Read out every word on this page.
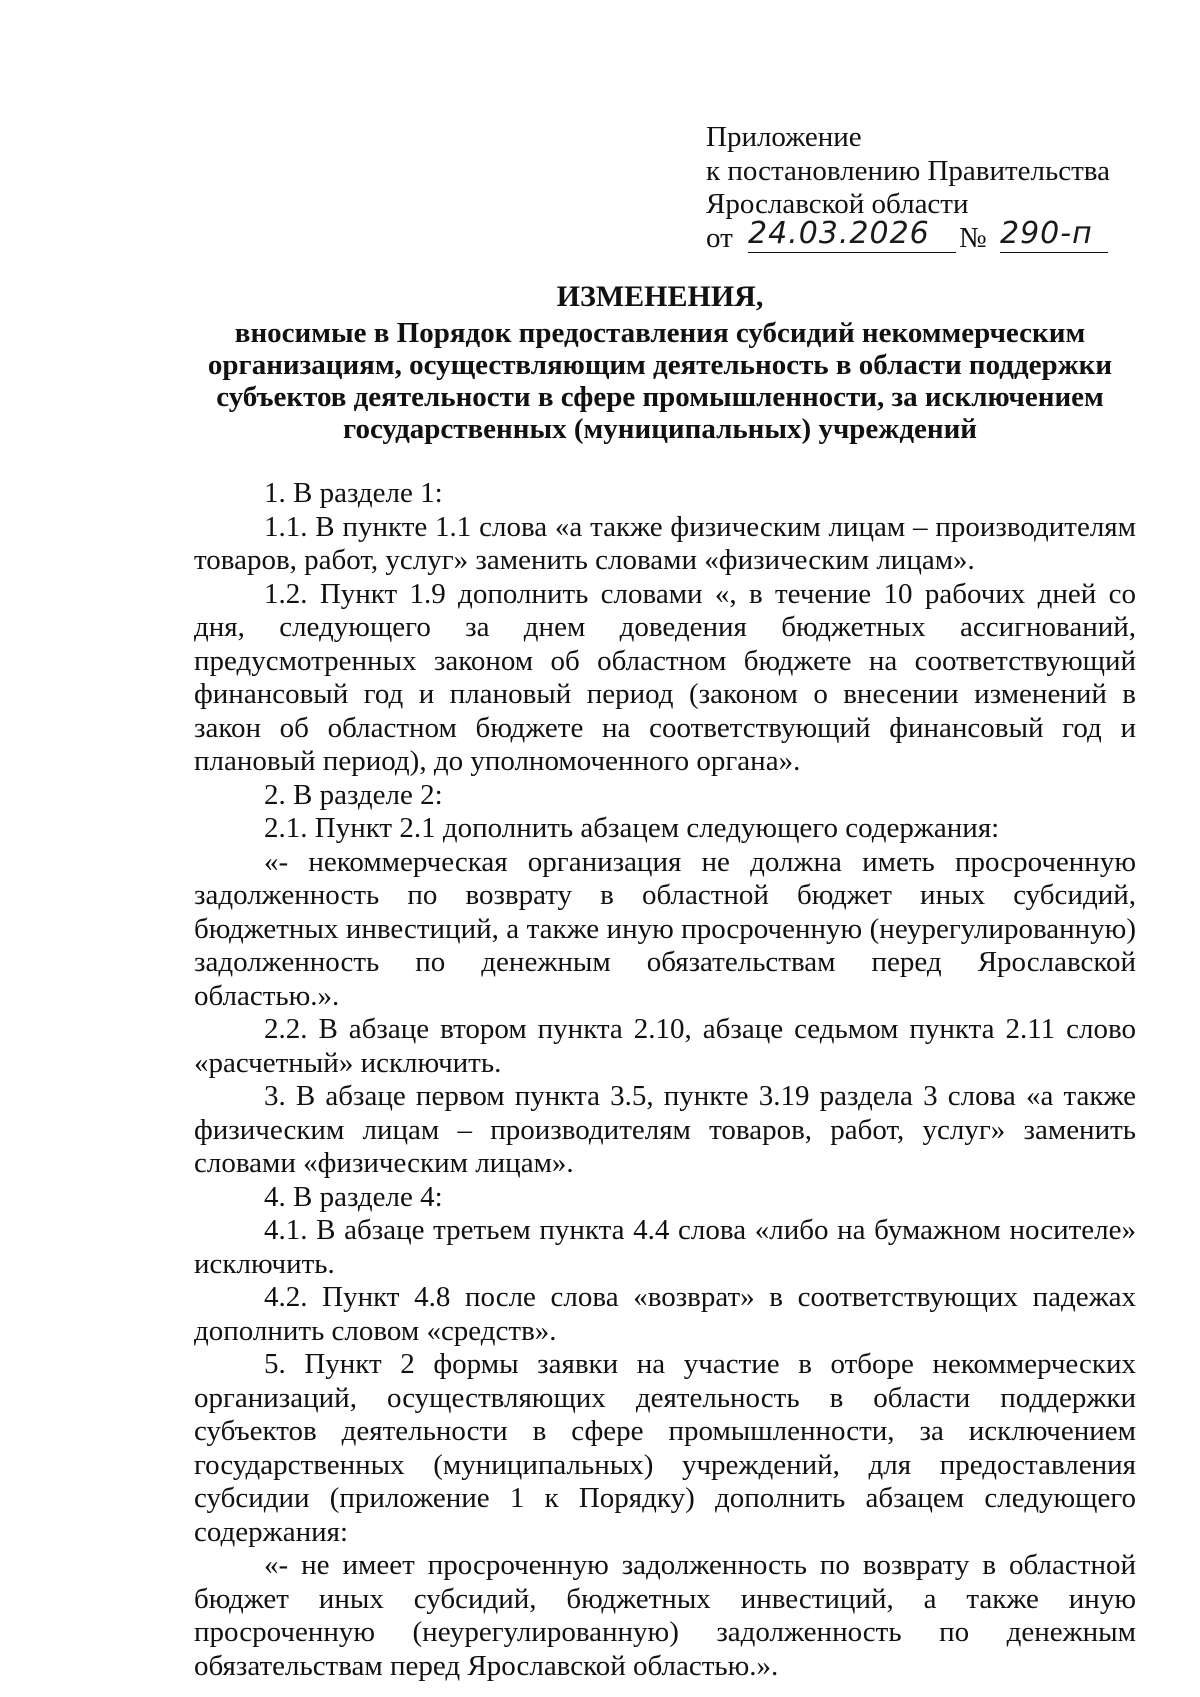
Приложение
к постановлению Правительства
Ярославской области
от 24.03.2026	№ 290-п
ИЗМЕНЕНИЯ,
вносимые в Порядок предоставления субсидий некоммерческим организациям, осуществляющим деятельность в области поддержки субъектов деятельности в сфере промышленности, за исключением государственных (муниципальных) учреждений

1. В разделе 1:

1.1. В пункте 1.1 слова «а также физическим лицам – производителям товаров, работ, услуг» заменить словами «физическим лицам».

1.2. Пункт 1.9 дополнить словами «, в течение 10 рабочих дней со дня, следующего за днем доведения бюджетных ассигнований, предусмотренных законом об областном бюджете на соответствующий финансовый год и плановый период (законом о внесении изменений в закон об областном бюджете на соответствующий финансовый год и плановый период), до уполномоченного органа».

2. В разделе 2:

2.1. Пункт 2.1 дополнить абзацем следующего содержания:

«- некоммерческая организация не должна иметь просроченную задолженность по возврату в областной бюджет иных субсидий, бюджетных инвестиций, а также иную просроченную (неурегулированную) задолженность по денежным обязательствам перед Ярославской областью.».

2.2. В абзаце втором пункта 2.10, абзаце седьмом пункта 2.11 слово «расчетный» исключить.

3. В абзаце первом пункта 3.5, пункте 3.19 раздела 3 слова «а также физическим лицам – производителям товаров, работ, услуг» заменить словами «физическим лицам».

4. В разделе 4:

4.1. В абзаце третьем пункта 4.4 слова «либо на бумажном носителе» исключить.

4.2. Пункт 4.8 после слова «возврат» в соответствующих падежах дополнить словом «средств».

5. Пункт 2 формы заявки на участие в отборе некоммерческих организаций, осуществляющих деятельность в области поддержки субъектов деятельности в сфере промышленности, за исключением государственных (муниципальных) учреждений, для предоставления субсидии (приложение 1 к Порядку) дополнить абзацем следующего содержания:

«- не имеет просроченную задолженность по возврату в областной бюджет иных субсидий, бюджетных инвестиций, а также иную просроченную (неурегулированную) задолженность по денежным обязательствам перед Ярославской областью.».
